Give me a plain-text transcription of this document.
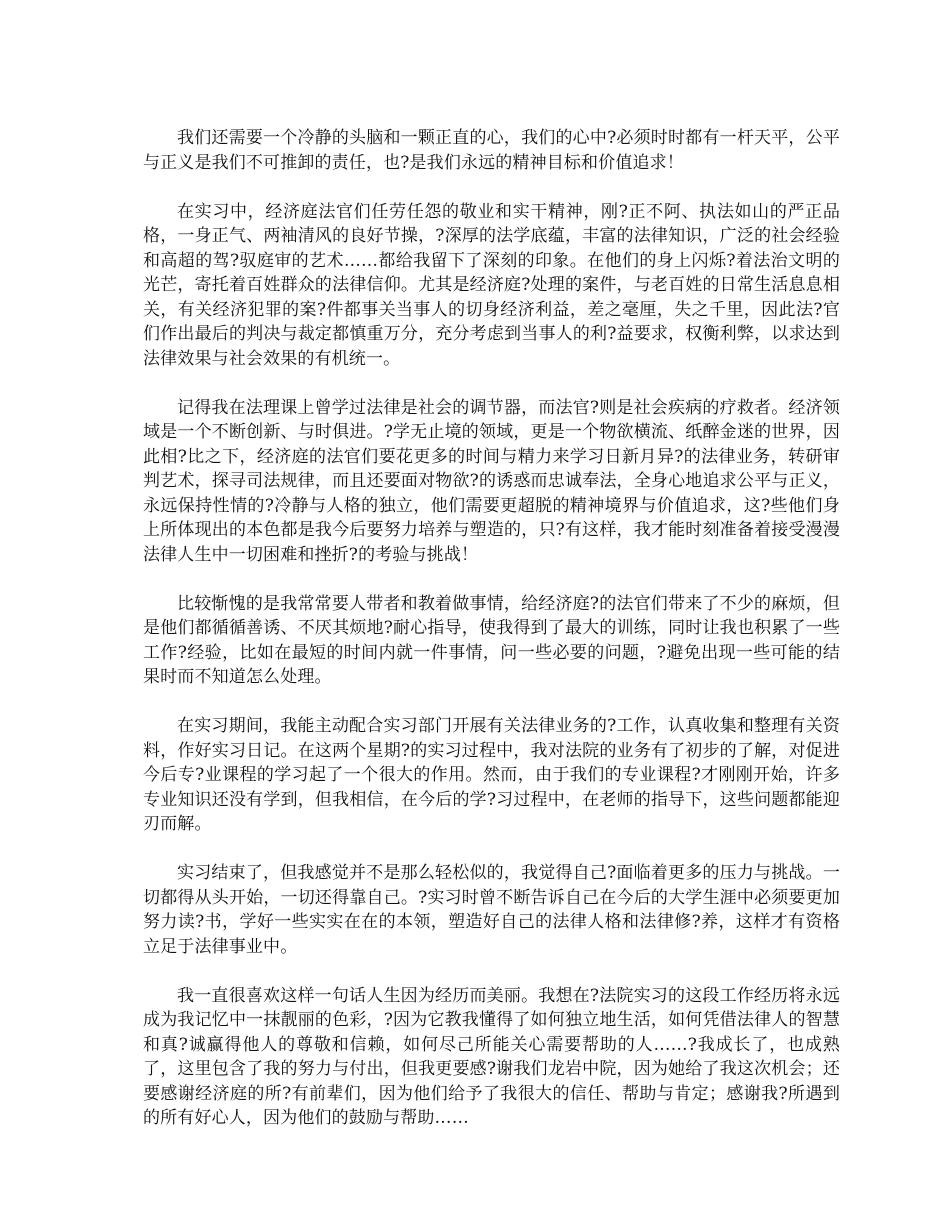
我们还需要一个冷静的头脑和一颗正直的心，我们的心中?必须时时都有一杆天平，公平与正义是我们不可推卸的责任，也?是我们永远的精神目标和价值追求！

在实习中，经济庭法官们任劳任怨的敬业和实干精神，刚?正不阿、执法如山的严正品格，一身正气、两袖清风的良好节操，?深厚的法学底蕴，丰富的法律知识，广泛的社会经验和高超的驾?驭庭审的艺术……都给我留下了深刻的印象。在他们的身上闪烁?着法治文明的光芒，寄托着百姓群众的法律信仰。尤其是经济庭?处理的案件，与老百姓的日常生活息息相关，有关经济犯罪的案?件都事关当事人的切身经济利益，差之毫厘，失之千里，因此法?官们作出最后的判决与裁定都慎重万分，充分考虑到当事人的利?益要求，权衡利弊，以求达到法律效果与社会效果的有机统一。

记得我在法理课上曾学过法律是社会的调节器，而法官?则是社会疾病的疗救者。经济领域是一个不断创新、与时俱进。?学无止境的领域，更是一个物欲横流、纸醉金迷的世界，因此相?比之下，经济庭的法官们要花更多的时间与精力来学习日新月异?的法律业务，转研审判艺术，探寻司法规律，而且还要面对物欲?的诱惑而忠诚奉法，全身心地追求公平与正义，永远保持性情的?冷静与人格的独立，他们需要更超脱的精神境界与价值追求，这?些他们身上所体现出的本色都是我今后要努力培养与塑造的，只?有这样，我才能时刻准备着接受漫漫法律人生中一切困难和挫折?的考验与挑战！

比较惭愧的是我常常要人带者和教着做事情，给经济庭?的法官们带来了不少的麻烦，但是他们都循循善诱、不厌其烦地?耐心指导，使我得到了最大的训练，同时让我也积累了一些工作?经验，比如在最短的时间内就一件事情，问一些必要的问题，?避免出现一些可能的结果时而不知道怎么处理。

在实习期间，我能主动配合实习部门开展有关法律业务的?工作，认真收集和整理有关资料，作好实习日记。在这两个星期?的实习过程中，我对法院的业务有了初步的了解，对促进今后专?业课程的学习起了一个很大的作用。然而，由于我们的专业课程?才刚刚开始，许多专业知识还没有学到，但我相信，在今后的学?习过程中，在老师的指导下，这些问题都能迎刃而解。

实习结束了，但我感觉并不是那么轻松似的，我觉得自己?面临着更多的压力与挑战。一切都得从头开始，一切还得靠自己。?实习时曾不断告诉自己在今后的大学生涯中必须要更加努力读?书，学好一些实实在在的本领，塑造好自己的法律人格和法律修?养，这样才有资格立足于法律事业中。

我一直很喜欢这样一句话人生因为经历而美丽。我想在?法院实习的这段工作经历将永远成为我记忆中一抹靓丽的色彩，?因为它教我懂得了如何独立地生活，如何凭借法律人的智慧和真?诚赢得他人的尊敬和信赖，如何尽己所能关心需要帮助的人……?我成长了，也成熟了，这里包含了我的努力与付出，但我更要感?谢我们龙岩中院，因为她给了我这次机会；还要感谢经济庭的所?有前辈们，因为他们给予了我很大的信任、帮助与肯定；感谢我?所遇到的所有好心人，因为他们的鼓励与帮助……
